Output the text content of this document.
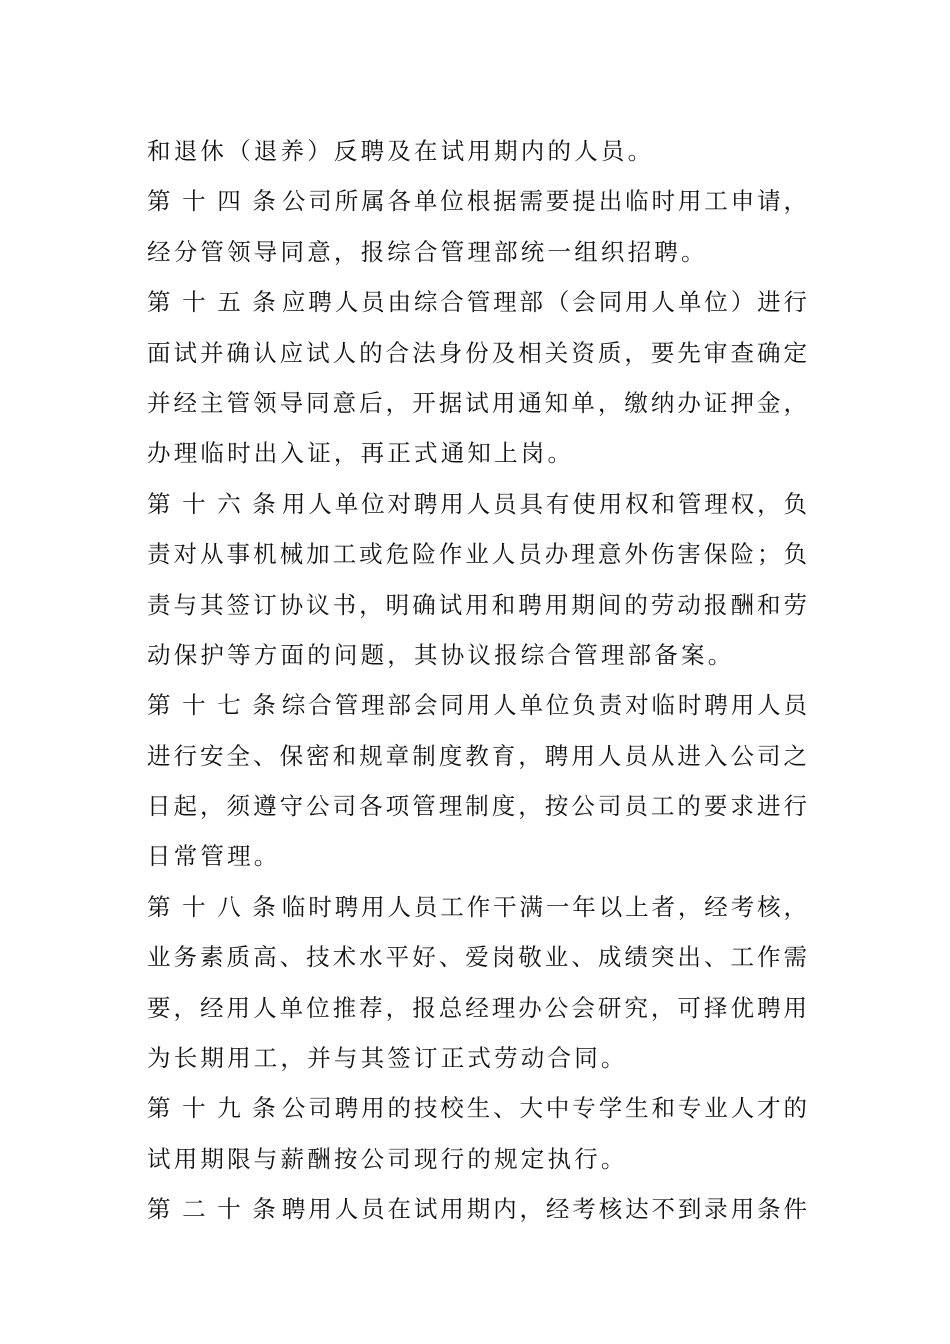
和退休（退养）反聘及在试用期内的人员。
第十四条公司所属各单位根据需要提出临时用工申请，
经分管领导同意，报综合管理部统一组织招聘。
第十五条应聘人员由综合管理部（会同用人单位）进行
面试并确认应试人的合法身份及相关资质，要先审查确定
并经主管领导同意后，开据试用通知单，缴纳办证押金，
办理临时出入证，再正式通知上岗。
第十六条用人单位对聘用人员具有使用权和管理权，负
责对从事机械加工或危险作业人员办理意外伤害保险；负
责与其签订协议书，明确试用和聘用期间的劳动报酬和劳
动保护等方面的问题，其协议报综合管理部备案。
第十七条综合管理部会同用人单位负责对临时聘用人员
进行安全、保密和规章制度教育，聘用人员从进入公司之
日起，须遵守公司各项管理制度，按公司员工的要求进行
日常管理。
第十八条临时聘用人员工作干满一年以上者，经考核，
业务素质高、技术水平好、爱岗敬业、成绩突出、工作需
要，经用人单位推荐，报总经理办公会研究，可择优聘用
为长期用工，并与其签订正式劳动合同。
第十九条公司聘用的技校生、大中专学生和专业人才的
试用期限与薪酬按公司现行的规定执行。
第二十条聘用人员在试用期内，经考核达不到录用条件
